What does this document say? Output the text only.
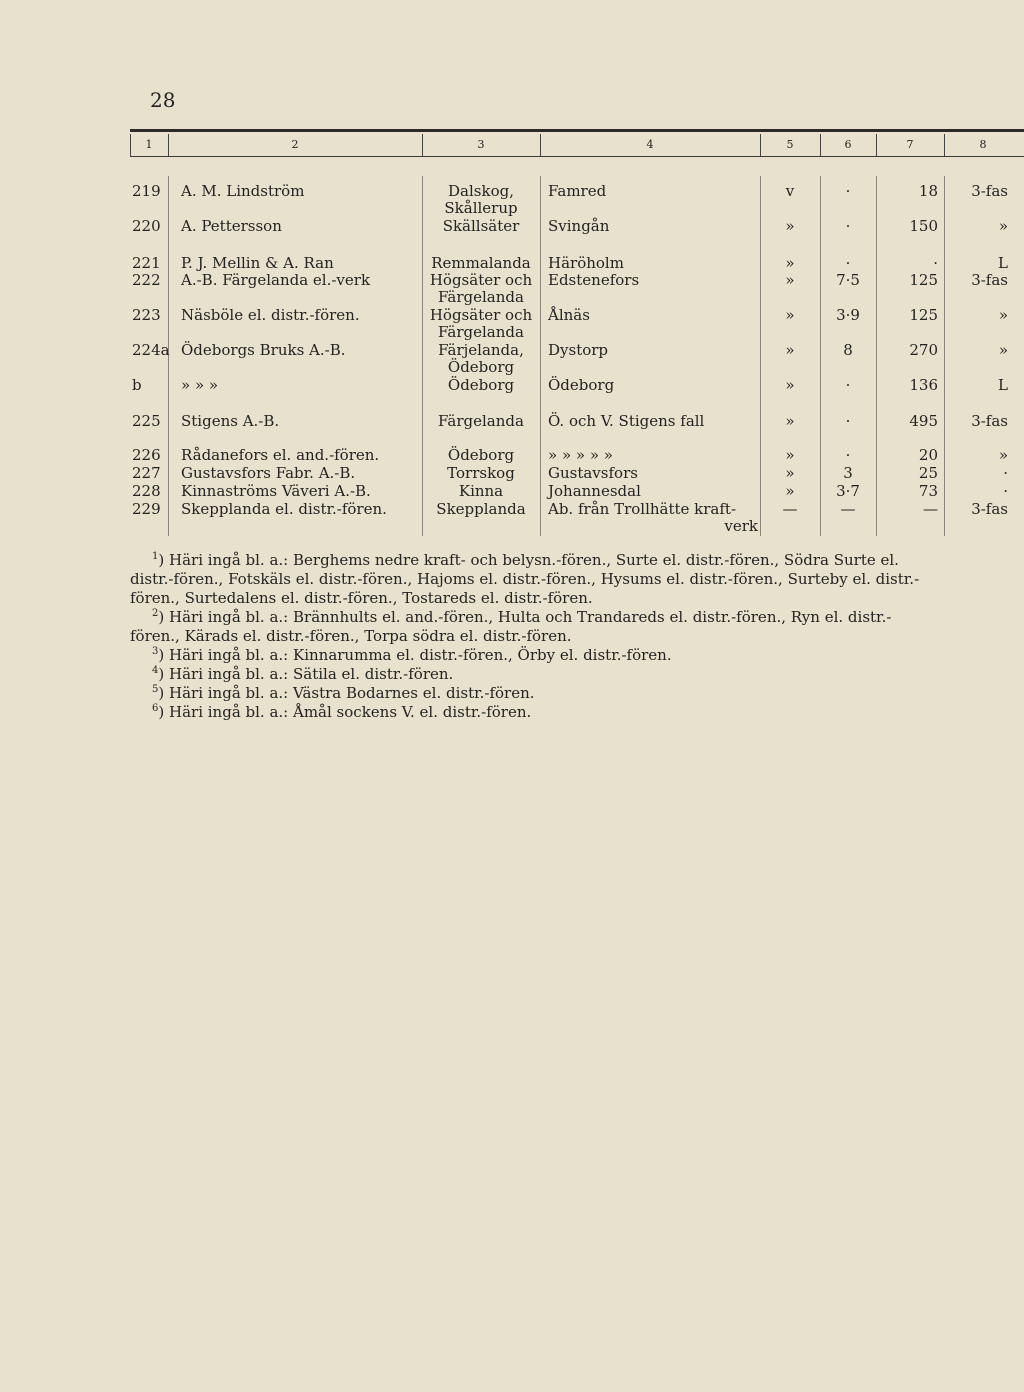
28
1	2	3	4	5	6	7	8
219 A. M. Lindström	Dalskog,
Skållerup
Famred	v	·	18	3-fas
220 A. Pettersson	Skällsäter	Svingån	»	·	150	»
221 P. J. Mellin & A. Ran	Remmalanda	Häröholm	»	·	·	L
222 A.-B. Färgelanda el.-verk	Högsäter och
Färgelanda
Edstenefors	»	7·5	125	3-fas
223 Näsböle el. distr.-fören.	Högsäter och
Färgelanda
Ålnäs	»	3·9	125	»
224a Ödeborgs Bruks A.-B.	Färjelanda,
Ödeborg
Dystorp	»	8	270	»
b	» » »	Ödeborg	Ödeborg	»	·	136	L
225 Stigens A.-B.	Färgelanda	Ö. och V. Stigens fall	»	·	495	3-fas
226 Rådanefors el. and.-fören.	Ödeborg	» » » » »	»	·	20	»
227 Gustavsfors Fabr. A.-B.	Torrskog	Gustavsfors	»	3	25	·
228 Kinnaströms Väveri A.-B.	Kinna	Johannesdal	»	3·7	73	·
229 Skepplanda el. distr.-fören.	Skepplanda	Ab. från Trollhätte kraft-
verk
—	—	—	3-fas
$^1$) Häri ingå bl. a.: Berghems nedre kraft- och belysn.-fören., Surte el. distr.-fören., Södra Surte el.
distr.-fören., Fotskäls el. distr.-fören., Hajoms el. distr.-fören., Hysums el. distr.-fören., Surteby el. distr.-
fören., Surtedalens el. distr.-fören., Tostareds el. distr.-fören.
$^2$) Häri ingå bl. a.: Brännhults el. and.-fören., Hulta och Trandareds el. distr.-fören., Ryn el. distr.-
fören., Kärads el. distr.-fören., Torpa södra el. distr.-fören.
$^3$) Häri ingå bl. a.: Kinnarumma el. distr.-fören., Örby el. distr.-fören.
$^4$) Häri ingå bl. a.: Sätila el. distr.-fören.
$^5$) Häri ingå bl. a.: Västra Bodarnes el. distr.-fören.
$^6$) Häri ingå bl. a.: Åmål sockens V. el. distr.-fören.
